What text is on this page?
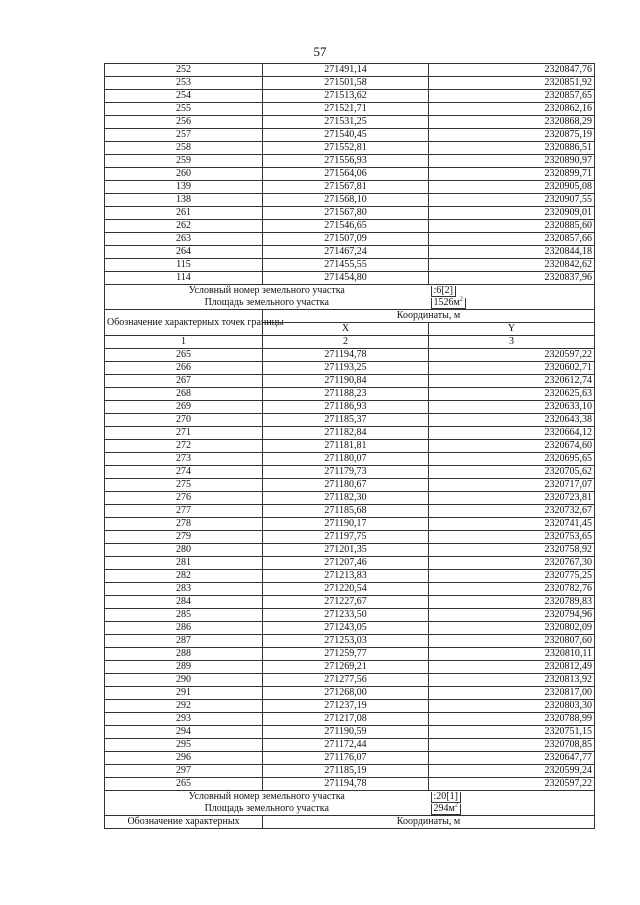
57
252	271491,14	2320847,76
253	271501,58	2320851,92
254	271513,62	2320857,65
255	271521,71	2320862,16
256	271531,25	2320868,29
257	271540,45	2320875,19
258	271552,81	2320886,51
259	271556,93	2320890,97
260	271564,06	2320899,71
139	271567,81	2320905,08
138	271568,10	2320907,55
261	271567,80	2320909,01
262	271546,65	2320885,60
263	271507,09	2320857,66
264	271467,24	2320844,18
115	271455,55	2320842,62
114	271454,80	2320837,96
Условный номер земельного участка		:6[2]
Площадь земельного участка		$1526м^2$
Обозначение характерных точек границы	Координаты, м	
	X	Y
1	2	3
265	271194,78	2320597,22
266	271193,25	2320602,71
267	271190,84	2320612,74
268	271188,23	2320625,63
269	271186,93	2320633,10
270	271185,37	2320643,38
271	271182,84	2320664,12
272	271181,81	2320674,60
273	271180,07	2320695,65
274	271179,73	2320705,62
275	271180,67	2320717,07
276	271182,30	2320723,81
277	271185,68	2320732,67
278	271190,17	2320741,45
279	271197,75	2320753,65
280	271201,35	2320758,92
281	271207,46	2320767,30
282	271213,83	2320775,25
283	271220,54	2320782,76
284	271227,67	2320789,83
285	271233,50	2320794,96
286	271243,05	2320802,09
287	271253,03	2320807,60
288	271259,77	2320810,11
289	271269,21	2320812,49
290	271277,56	2320813,92
291	271268,00	2320817,00
292	271237,19	2320803,30
293	271217,08	2320788,99
294	271190,59	2320751,15
295	271172,44	2320708,85
296	271176,07	2320647,77
297	271185,19	2320599,24
265	271194,78	2320597,22
Условный номер земельного участка		:20[1]
Площадь земельного участка		$294м^2$
Обозначение характерных	Координаты, м	
